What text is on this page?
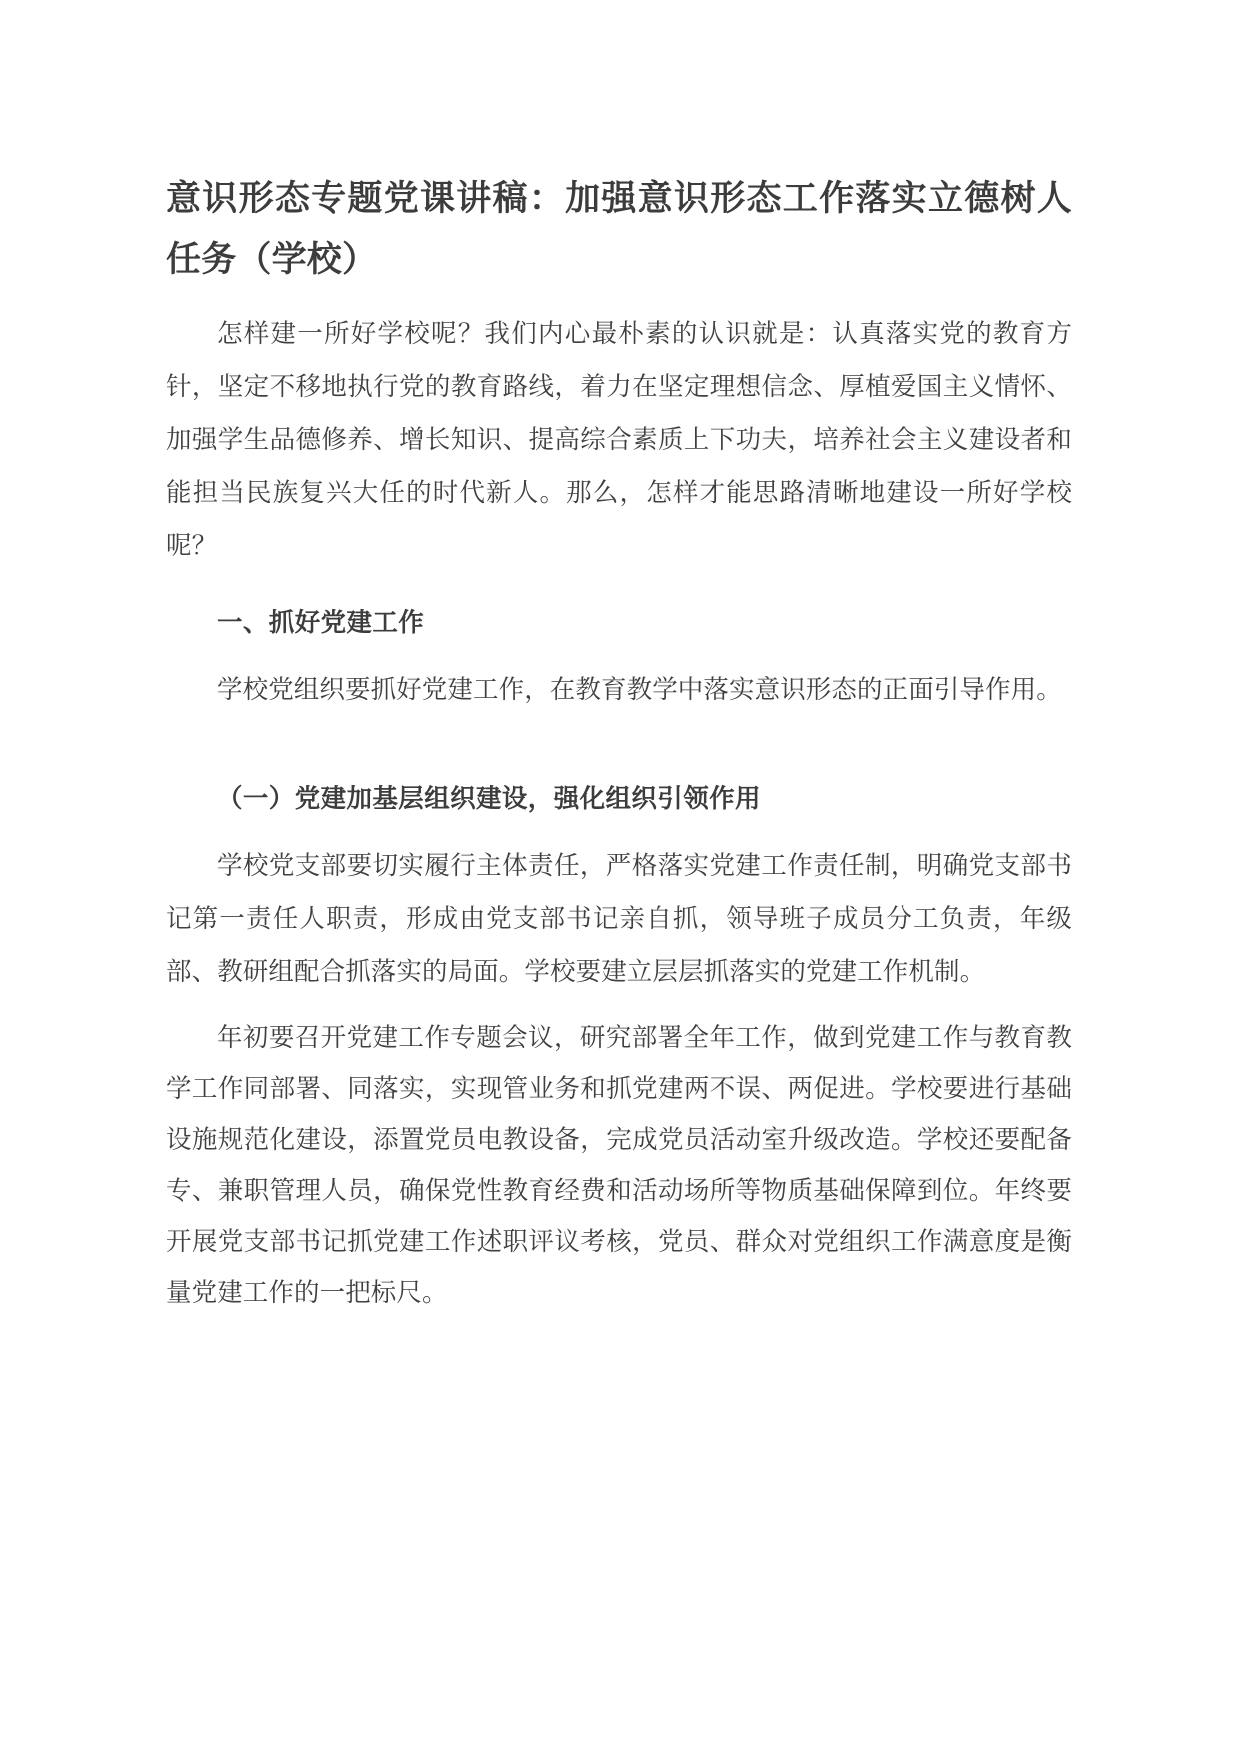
意识形态专题党课讲稿：加强意识形态工作落实立德树人任务（学校）

怎样建一所好学校呢？我们内心最朴素的认识就是：认真落实党的教育方针，坚定不移地执行党的教育路线，着力在坚定理想信念、厚植爱国主义情怀、加强学生品德修养、增长知识、提高综合素质上下功夫，培养社会主义建设者和能担当民族复兴大任的时代新人。那么，怎样才能思路清晰地建设一所好学校呢？

一、抓好党建工作

学校党组织要抓好党建工作，在教育教学中落实意识形态的正面引导作用。

（一）党建加基层组织建设，强化组织引领作用

学校党支部要切实履行主体责任，严格落实党建工作责任制，明确党支部书记第一责任人职责，形成由党支部书记亲自抓，领导班子成员分工负责，年级部、教研组配合抓落实的局面。学校要建立层层抓落实的党建工作机制。

年初要召开党建工作专题会议，研究部署全年工作，做到党建工作与教育教学工作同部署、同落实，实现管业务和抓党建两不误、两促进。学校要进行基础设施规范化建设，添置党员电教设备，完成党员活动室升级改造。学校还要配备专、兼职管理人员，确保党性教育经费和活动场所等物质基础保障到位。年终要开展党支部书记抓党建工作述职评议考核，党员、群众对党组织工作满意度是衡量党建工作的一把标尺。
